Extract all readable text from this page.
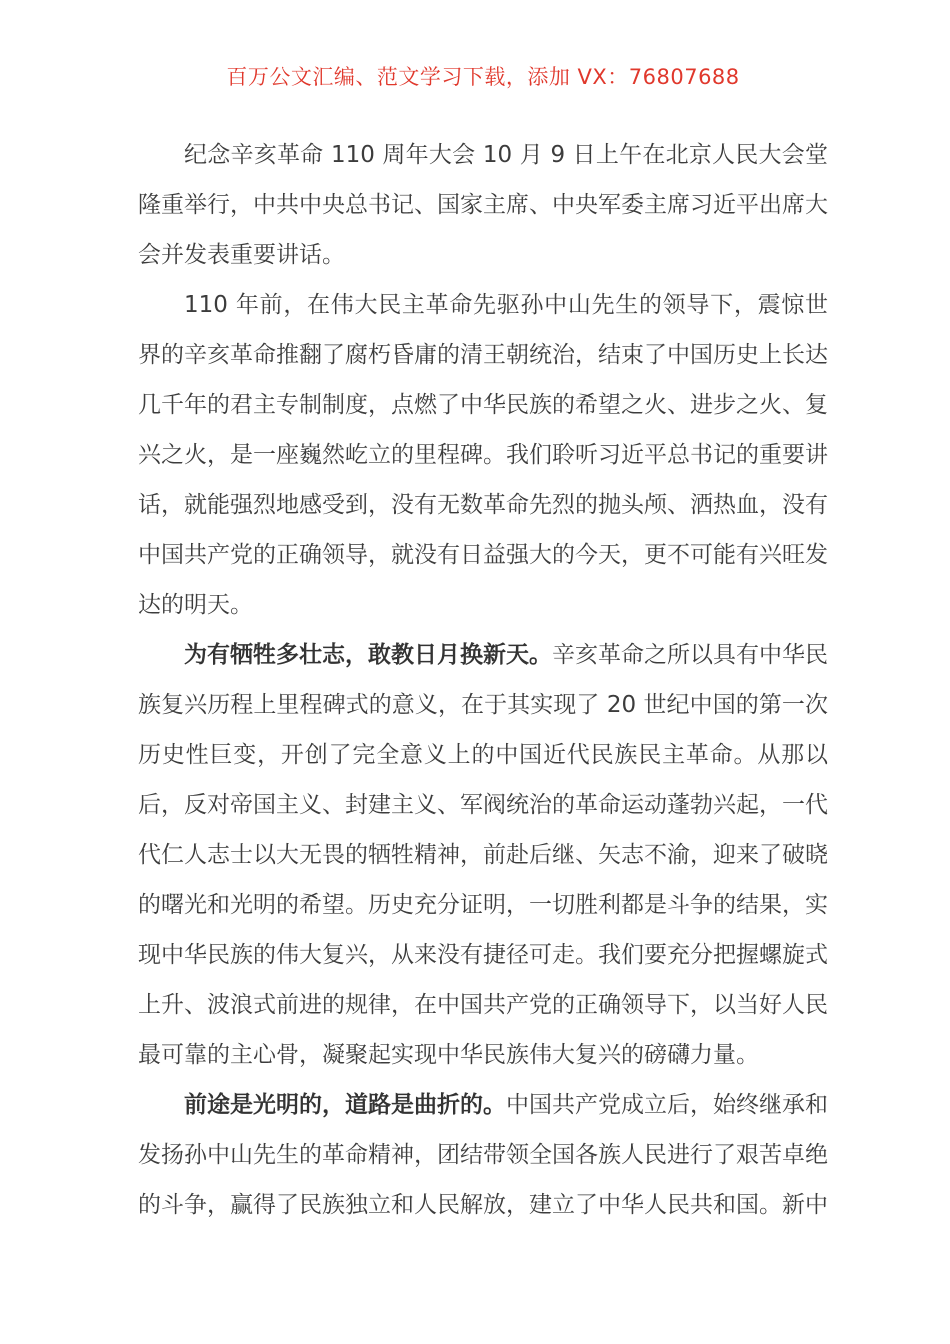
百万公文汇编、范文学习下载，添加 VX：76807688

纪念辛亥革命 110 周年大会 10 月 9 日上午在北京人民大会堂隆重举行，中共中央总书记、国家主席、中央军委主席习近平出席大会并发表重要讲话。

110 年前，在伟大民主革命先驱孙中山先生的领导下，震惊世界的辛亥革命推翻了腐朽昏庸的清王朝统治，结束了中国历史上长达几千年的君主专制制度，点燃了中华民族的希望之火、进步之火、复兴之火，是一座巍然屹立的里程碑。我们聆听习近平总书记的重要讲话，就能强烈地感受到，没有无数革命先烈的抛头颅、洒热血，没有中国共产党的正确领导，就没有日益强大的今天，更不可能有兴旺发达的明天。

为有牺牲多壮志，敢教日月换新天。辛亥革命之所以具有中华民族复兴历程上里程碑式的意义，在于其实现了 20 世纪中国的第一次历史性巨变，开创了完全意义上的中国近代民族民主革命。从那以后，反对帝国主义、封建主义、军阀统治的革命运动蓬勃兴起，一代代仁人志士以大无畏的牺牲精神，前赴后继、矢志不渝，迎来了破晓的曙光和光明的希望。历史充分证明，一切胜利都是斗争的结果，实现中华民族的伟大复兴，从来没有捷径可走。我们要充分把握螺旋式上升、波浪式前进的规律，在中国共产党的正确领导下，以当好人民最可靠的主心骨，凝聚起实现中华民族伟大复兴的磅礴力量。

前途是光明的，道路是曲折的。中国共产党成立后，始终继承和发扬孙中山先生的革命精神，团结带领全国各族人民进行了艰苦卓绝的斗争，赢得了民族独立和人民解放，建立了中华人民共和国。新中
